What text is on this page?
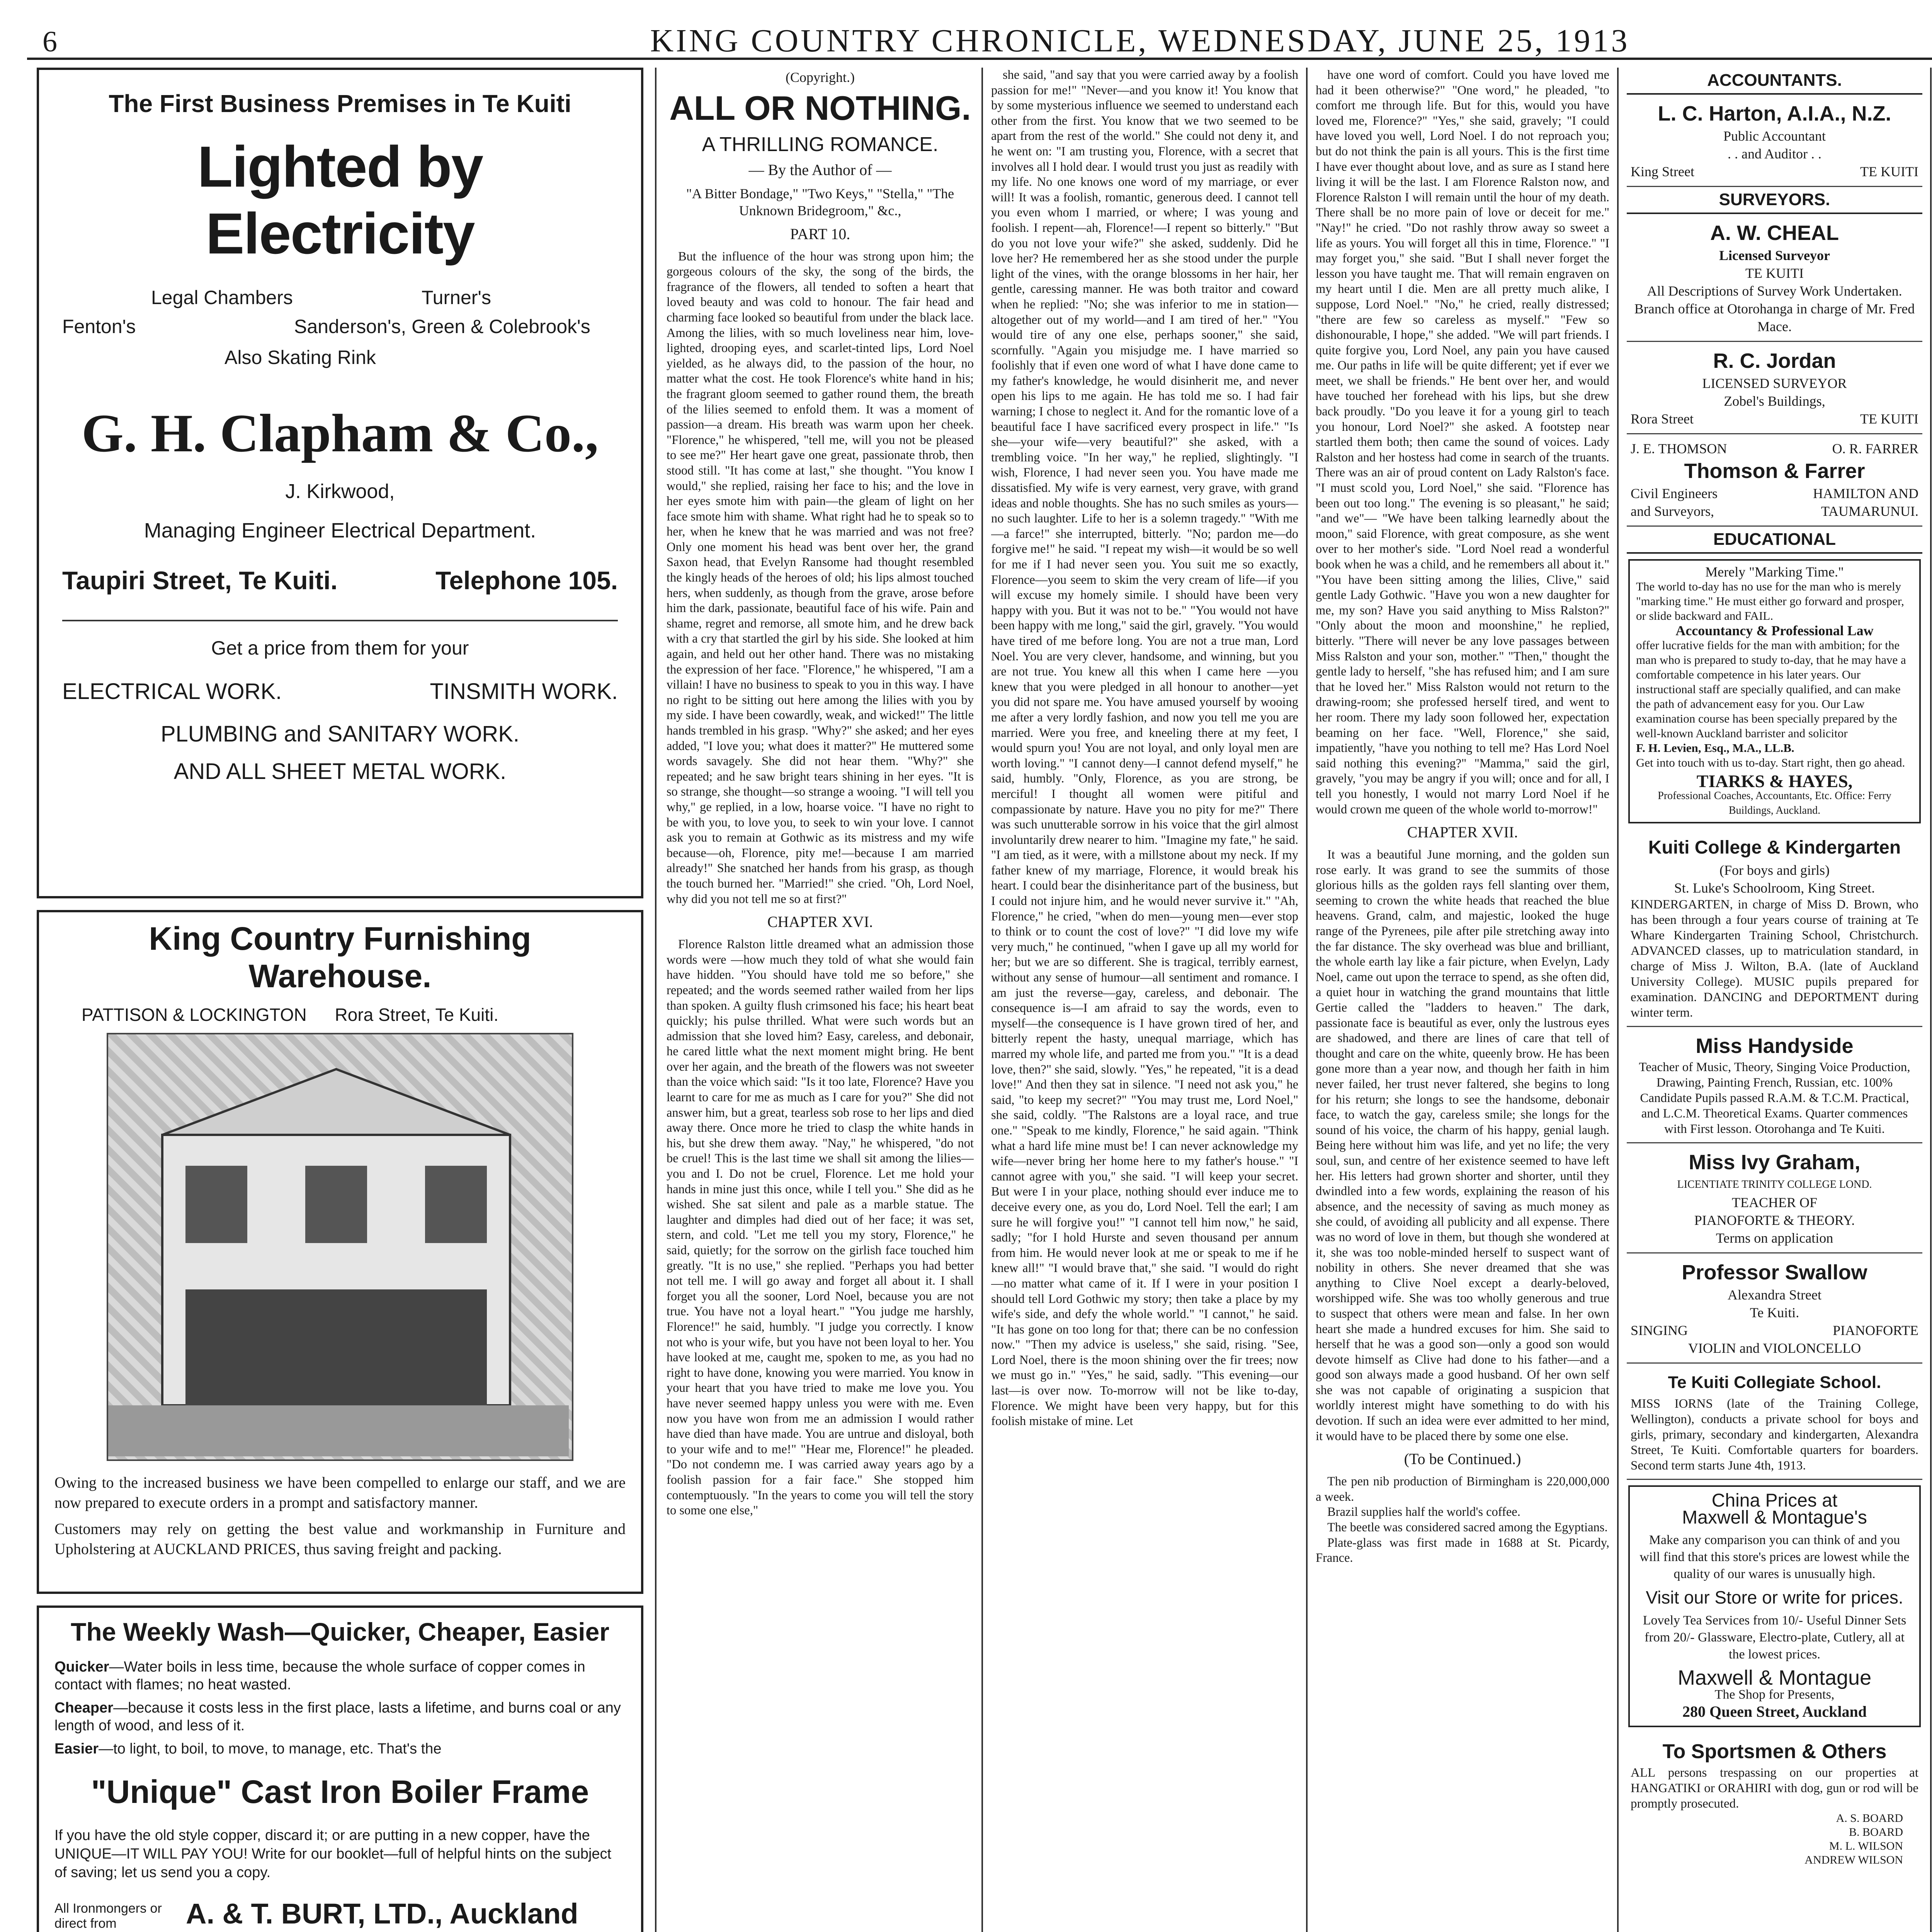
6	KING COUNTRY CHRONICLE, WEDNESDAY, JUNE 25, 1913
The First Business Premises in Te Kuiti
Lighted by Electricity
Legal Chambers	Turner's
Fenton's	Sanderson's, Green & Colebrook's
Also Skating Rink
G. H. Clapham & Co.,
J. Kirkwood,
Managing Engineer Electrical Department.
Taupiri Street, Te Kuiti.	Telephone 105.
Get a price from them for your
ELECTRICAL WORK.	TINSMITH WORK.
PLUMBING and SANITARY WORK.
AND ALL SHEET METAL WORK.
King Country Furnishing Warehouse.
PATTISON & LOCKINGTON Rora Street, Te Kuiti.
Owing to the increased business we have been compelled to enlarge our staff, and we are now prepared to execute orders in a prompt and satisfactory manner.
Customers may rely on getting the best value and workmanship in Furniture and Upholstering at AUCKLAND PRICES, thus saving freight and packing.
The Weekly Wash—Quicker, Cheaper, Easier
Quicker—Water boils in less time, because the whole surface of copper comes in contact with flames; no heat wasted.
Cheaper—because it costs less in the first place, lasts a lifetime, and burns coal or any length of wood, and less of it.
Easier—to light, to boil, to move, to manage, etc. That's the
"Unique" Cast Iron Boiler Frame
If you have the old style copper, discard it; or are putting in a new copper, have the UNIQUE—IT WILL PAY YOU! Write for our booklet—full of helpful hints on the subject of saving; let us send you a copy.
All Ironmongers or direct from	A. & T. BURT, LTD., Auckland
(Copyright.)
ALL OR NOTHING.
A THRILLING ROMANCE.
— By the Author of —
"A Bitter Bondage," "Two Keys," "Stella," "The Unknown Bridegroom," &c.,
PART 10.

But the influence of the hour was strong upon him; the gorgeous colours of the sky, the song of the birds, the fragrance of the flowers, all tended to soften a heart that loved beauty and was cold to honour. The fair head and charming face looked so beautiful from under the black lace. Among the lilies, with so much loveliness near him, love-lighted, drooping eyes, and scarlet-tinted lips, Lord Noel yielded, as he always did, to the passion of the hour, no matter what the cost. He took Florence's white hand in his; the fragrant gloom seemed to gather round them, the breath of the lilies seemed to enfold them. It was a moment of passion—a dream. His breath was warm upon her cheek. "Florence," he whispered, "tell me, will you not be pleased to see me?" Her heart gave one great, passionate throb, then stood still. "It has come at last," she thought. "You know I would," she replied, raising her face to his; and the love in her eyes smote him with pain—the gleam of light on her face smote him with shame. What right had he to speak so to her, when he knew that he was married and was not free? Only one moment his head was bent over her, the grand Saxon head, that Evelyn Ransome had thought resembled the kingly heads of the heroes of old; his lips almost touched hers, when suddenly, as though from the grave, arose before him the dark, passionate, beautiful face of his wife. Pain and shame, regret and remorse, all smote him, and he drew back with a cry that startled the girl by his side. She looked at him again, and held out her other hand. There was no mistaking the expression of her face. "Florence," he whispered, "I am a villain! I have no business to speak to you in this way. I have no right to be sitting out here among the lilies with you by my side. I have been cowardly, weak, and wicked!" The little hands trembled in his grasp. "Why?" she asked; and her eyes added, "I love you; what does it matter?" He muttered some words savagely. She did not hear them. "Why?" she repeated; and he saw bright tears shining in her eyes. "It is so strange, she thought—so strange a wooing. "I will tell you why," ge replied, in a low, hoarse voice. "I have no right to be with you, to love you, to seek to win your love. I cannot ask you to remain at Gothwic as its mistress and my wife because—oh, Florence, pity me!—because I am married already!" She snatched her hands from his grasp, as though the touch burned her. "Married!" she cried. "Oh, Lord Noel, why did you not tell me so at first?"

CHAPTER XVI.

Florence Ralston little dreamed what an admission those words were —how much they told of what she would fain have hidden. "You should have told me so before," she repeated; and the words seemed rather wailed from her lips than spoken. A guilty flush crimsoned his face; his heart beat quickly; his pulse thrilled. What were such words but an admission that she loved him? Easy, careless, and debonair, he cared little what the next moment might bring. He bent over her again, and the breath of the flowers was not sweeter than the voice which said: "Is it too late, Florence? Have you learnt to care for me as much as I care for you?" She did not answer him, but a great, tearless sob rose to her lips and died away there. Once more he tried to clasp the white hands in his, but she drew them away. "Nay," he whispered, "do not be cruel! This is the last time we shall sit among the lilies—you and I. Do not be cruel, Florence. Let me hold your hands in mine just this once, while I tell you." She did as he wished. She sat silent and pale as a marble statue. The laughter and dimples had died out of her face; it was set, stern, and cold. "Let me tell you my story, Florence," he said, quietly; for the sorrow on the girlish face touched him greatly. "It is no use," she replied. "Perhaps you had better not tell me. I will go away and forget all about it. I shall forget you all the sooner, Lord Noel, because you are not true. You have not a loyal heart." "You judge me harshly, Florence!" he said, humbly. "I judge you correctly. I know not who is your wife, but you have not been loyal to her. You have looked at me, caught me, spoken to me, as you had no right to have done, knowing you were married. You know in your heart that you have tried to make me love you. You have never seemed happy unless you were with me. Even now you have won from me an admission I would rather have died than have made. You are untrue and disloyal, both to your wife and to me!" "Hear me, Florence!" he pleaded. "Do not condemn me. I was carried away years ago by a foolish passion for a fair face." She stopped him contemptuously. "In the years to come you will tell the story to some one else,"

she said, "and say that you were carried away by a foolish passion for me!" "Never—and you know it! You know that by some mysterious influence we seemed to understand each other from the first. You know that we two seemed to be apart from the rest of the world." She could not deny it, and he went on: "I am trusting you, Florence, with a secret that involves all I hold dear. I would trust you just as readily with my life. No one knows one word of my marriage, or ever will! It was a foolish, romantic, generous deed. I cannot tell you even whom I married, or where; I was young and foolish. I repent—ah, Florence!—I repent so bitterly." "But do you not love your wife?" she asked, suddenly. Did he love her? He remembered her as she stood under the purple light of the vines, with the orange blossoms in her hair, her gentle, caressing manner. He was both traitor and coward when he replied: "No; she was inferior to me in station—altogether out of my world—and I am tired of her." "You would tire of any one else, perhaps sooner," she said, scornfully. "Again you misjudge me. I have married so foolishly that if even one word of what I have done came to my father's knowledge, he would disinherit me, and never open his lips to me again. He has told me so. I had fair warning; I chose to neglect it. And for the romantic love of a beautiful face I have sacrificed every prospect in life." "Is she—your wife—very beautiful?" she asked, with a trembling voice. "In her way," he replied, slightingly. "I wish, Florence, I had never seen you. You have made me dissatisfied. My wife is very earnest, very grave, with grand ideas and noble thoughts. She has no such smiles as yours—no such laughter. Life to her is a solemn tragedy." "With me—a farce!" she interrupted, bitterly. "No; pardon me—do forgive me!" he said. "I repeat my wish—it would be so well for me if I had never seen you. You suit me so exactly, Florence—you seem to skim the very cream of life—if you will excuse my homely simile. I should have been very happy with you. But it was not to be." "You would not have been happy with me long," said the girl, gravely. "You would have tired of me before long. You are not a true man, Lord Noel. You are very clever, handsome, and winning, but you are not true. You knew all this when I came here —you knew that you were pledged in all honour to another—yet you did not spare me. You have amused yourself by wooing me after a very lordly fashion, and now you tell me you are married. Were you free, and kneeling there at my feet, I would spurn you! You are not loyal, and only loyal men are worth loving." "I cannot deny—I cannot defend myself," he said, humbly. "Only, Florence, as you are strong, be merciful! I thought all women were pitiful and compassionate by nature. Have you no pity for me?" There was such unutterable sorrow in his voice that the girl almost involuntarily drew nearer to him. "Imagine my fate," he said. "I am tied, as it were, with a millstone about my neck. If my father knew of my marriage, Florence, it would break his heart. I could bear the disinheritance part of the business, but I could not injure him, and he would never survive it." "Ah, Florence," he cried, "when do men—young men—ever stop to think or to count the cost of love?" "I did love my wife very much," he continued, "when I gave up all my world for her; but we are so different. She is tragical, terribly earnest, without any sense of humour—all sentiment and romance. I am just the reverse—gay, careless, and debonair. The consequence is—I am afraid to say the words, even to myself—the consequence is I have grown tired of her, and bitterly repent the hasty, unequal marriage, which has marred my whole life, and parted me from you." "It is a dead love, then?" she said, slowly. "Yes," he repeated, "it is a dead love!" And then they sat in silence. "I need not ask you," he said, "to keep my secret?" "You may trust me, Lord Noel," she said, coldly. "The Ralstons are a loyal race, and true one." "Speak to me kindly, Florence," he said again. "Think what a hard life mine must be! I can never acknowledge my wife—never bring her home here to my father's house." "I cannot agree with you," she said. "I will keep your secret. But were I in your place, nothing should ever induce me to deceive every one, as you do, Lord Noel. Tell the earl; I am sure he will forgive you!" "I cannot tell him now," he said, sadly; "for I hold Hurste and seven thousand per annum from him. He would never look at me or speak to me if he knew all!" "I would brave that," she said. "I would do right—no matter what came of it. If I were in your position I should tell Lord Gothwic my story; then take a place by my wife's side, and defy the whole world." "I cannot," he said. "It has gone on too long for that; there can be no confession now." "Then my advice is useless," she said, rising. "See, Lord Noel, there is the moon shining over the fir trees; now we must go in." "Yes," he said, sadly. "This evening—our last—is over now. To-morrow will not be like to-day, Florence. We might have been very happy, but for this foolish mistake of mine. Let

have one word of comfort. Could you have loved me had it been otherwise?" "One word," he pleaded, "to comfort me through life. But for this, would you have loved me, Florence?" "Yes," she said, gravely; "I could have loved you well, Lord Noel. I do not reproach you; but do not think the pain is all yours. This is the first time I have ever thought about love, and as sure as I stand here living it will be the last. I am Florence Ralston now, and Florence Ralston I will remain until the hour of my death. There shall be no more pain of love or deceit for me." "Nay!" he cried. "Do not rashly throw away so sweet a life as yours. You will forget all this in time, Florence." "I may forget you," she said. "But I shall never forget the lesson you have taught me. That will remain engraven on my heart until I die. Men are all pretty much alike, I suppose, Lord Noel." "No," he cried, really distressed; "there are few so careless as myself." "Few so dishonourable, I hope," she added. "We will part friends. I quite forgive you, Lord Noel, any pain you have caused me. Our paths in life will be quite different; yet if ever we meet, we shall be friends." He bent over her, and would have touched her forehead with his lips, but she drew back proudly. "Do you leave it for a young girl to teach you honour, Lord Noel?" she asked. A footstep near startled them both; then came the sound of voices. Lady Ralston and her hostess had come in search of the truants. There was an air of proud content on Lady Ralston's face. "I must scold you, Lord Noel," she said. "Florence has been out too long." The evening is so pleasant," he said; "and we"— "We have been talking learnedly about the moon," said Florence, with great composure, as she went over to her mother's side. "Lord Noel read a wonderful book when he was a child, and he remembers all about it." "You have been sitting among the lilies, Clive," said gentle Lady Gothwic. "Have you won a new daughter for me, my son? Have you said anything to Miss Ralston?" "Only about the moon and moonshine," he replied, bitterly. "There will never be any love passages between Miss Ralston and your son, mother." "Then," thought the gentle lady to herself, "she has refused him; and I am sure that he loved her." Miss Ralston would not return to the drawing-room; she professed herself tired, and went to her room. There my lady soon followed her, expectation beaming on her face. "Well, Florence," she said, impatiently, "have you nothing to tell me? Has Lord Noel said nothing this evening?" "Mamma," said the girl, gravely, "you may be angry if you will; once and for all, I tell you honestly, I would not marry Lord Noel if he would crown me queen of the whole world to-morrow!"

CHAPTER XVII.

It was a beautiful June morning, and the golden sun rose early. It was grand to see the summits of those glorious hills as the golden rays fell slanting over them, seeming to crown the white heads that reached the blue heavens. Grand, calm, and majestic, looked the huge range of the Pyrenees, pile after pile stretching away into the far distance. The sky overhead was blue and brilliant, the whole earth lay like a fair picture, when Evelyn, Lady Noel, came out upon the terrace to spend, as she often did, a quiet hour in watching the grand mountains that little Gertie called the "ladders to heaven." The dark, passionate face is beautiful as ever, only the lustrous eyes are shadowed, and there are lines of care that tell of thought and care on the white, queenly brow. He has been gone more than a year now, and though her faith in him never failed, her trust never faltered, she begins to long for his return; she longs to see the handsome, debonair face, to watch the gay, careless smile; she longs for the sound of his voice, the charm of his happy, genial laugh. Being here without him was life, and yet no life; the very soul, sun, and centre of her existence seemed to have left her. His letters had grown shorter and shorter, until they dwindled into a few words, explaining the reason of his absence, and the necessity of saving as much money as she could, of avoiding all publicity and all expense. There was no word of love in them, but though she wondered at it, she was too noble-minded herself to suspect want of nobility in others. She never dreamed that she was anything to Clive Noel except a dearly-beloved, worshipped wife. She was too wholly generous and true to suspect that others were mean and false. In her own heart she made a hundred excuses for him. She said to herself that he was a good son—only a good son would devote himself as Clive had done to his father—and a good son always made a good husband. Of her own self she was not capable of originating a suspicion that worldly interest might have something to do with his devotion. If such an idea were ever admitted to her mind, it would have to be placed there by some one else.

(To be Continued.)

The pen nib production of Birmingham is 220,000,000 a week.

Brazil supplies half the world's coffee.

The beetle was considered sacred among the Egyptians.

Plate-glass was first made in 1688 at St. Picardy, France.

ACCOUNTANTS.
L. C. Harton, A.I.A., N.Z.
Public Accountant
. . and Auditor . .
King Street	TE KUITI
SURVEYORS.
A. W. CHEAL
Licensed Surveyor
TE KUITI
All Descriptions of Survey Work Undertaken.
Branch office at Otorohanga in charge of Mr. Fred Mace.
R. C. Jordan
LICENSED SURVEYOR
Zobel's Buildings,
Rora Street	TE KUITI
J. E. THOMSON	O. R. FARRER
Thomson & Farrer
Civil Engineers	HAMILTON AND
and Surveyors,	TAUMARUNUI.
EDUCATIONAL
Merely "Marking Time."
The world to-day has no use for the man who is merely "marking time." He must either go forward and prosper, or slide backward and FAIL.
Accountancy & Professional Law
offer lucrative fields for the man with ambition; for the man who is prepared to study to-day, that he may have a comfortable competence in his later years. Our instructional staff are specially qualified, and can make the path of advancement easy for you. Our Law examination course has been specially prepared by the well-known Auckland barrister and solicitor
F. H. Levien, Esq., M.A., LL.B.
Get into touch with us to-day. Start right, then go ahead.
TIARKS & HAYES,
Professional Coaches, Accountants, Etc. Office: Ferry Buildings, Auckland.
Kuiti College & Kindergarten
(For boys and girls)
St. Luke's Schoolroom, King Street.
KINDERGARTEN, in charge of Miss D. Brown, who has been through a four years course of training at Te Whare Kindergarten Training School, Christchurch. ADVANCED classes, up to matriculation standard, in charge of Miss J. Wilton, B.A. (late of Auckland University College). MUSIC pupils prepared for examination. DANCING and DEPORTMENT during winter term.
Miss Handyside
Teacher of Music, Theory, Singing Voice Production, Drawing, Painting French, Russian, etc. 100% Candidate Pupils passed R.A.M. & T.C.M. Practical, and L.C.M. Theoretical Exams. Quarter commences with First lesson. Otorohanga and Te Kuiti.
Miss Ivy Graham,
LICENTIATE TRINITY COLLEGE LOND.
TEACHER OF
PIANOFORTE & THEORY.
Terms on application
Professor Swallow
Alexandra Street
Te Kuiti.
SINGING	PIANOFORTE
VIOLIN and VIOLONCELLO
Te Kuiti Collegiate School.
MISS IORNS (late of the Training College, Wellington), conducts a private school for boys and girls, primary, secondary and kindergarten, Alexandra Street, Te Kuiti. Comfortable quarters for boarders. Second term starts June 4th, 1913.
China Prices at
Maxwell & Montague's
Make any comparison you can think of and you will find that this store's prices are lowest while the quality of our wares is unusually high.
Visit our Store or write for prices.
Lovely Tea Services from 10/- Useful Dinner Sets from 20/- Glassware, Electro-plate, Cutlery, all at the lowest prices.
Maxwell & Montague
The Shop for Presents,
280 Queen Street, Auckland
To Sportsmen & Others
ALL persons trespassing on our properties at HANGATIKI or ORAHIRI with dog, gun or rod will be promptly prosecuted.
A. S. BOARD
B. BOARD
M. L. WILSON
ANDREW WILSON
